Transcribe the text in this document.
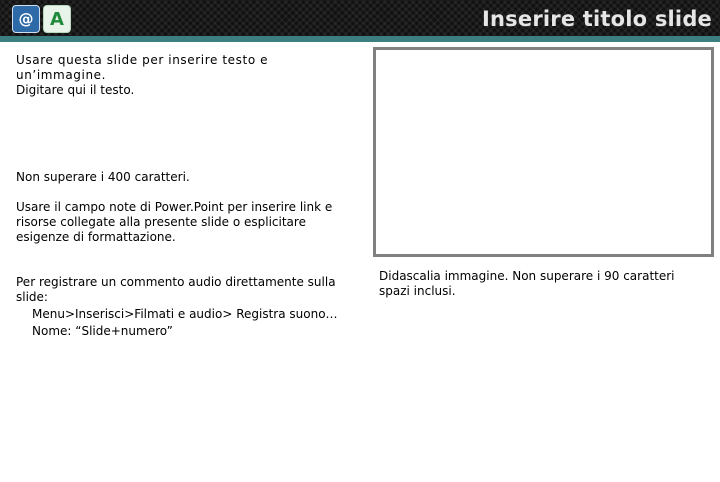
@ A	Inserire titolo slide

Usare questa slide per inserire testo e un’immagine.

Digitare qui il testo.

Non superare i 400 caratteri.

Usare il campo note di Power.Point per inserire link e risorse collegate alla presente slide o esplicitare esigenze di formattazione.

Per registrare un commento audio direttamente sulla slide:

Menu>Inserisci>Filmati e audio> Registra suono…

Nome: “Slide+numero”

Didascalia immagine. Non superare i 90 caratteri spazi inclusi.
